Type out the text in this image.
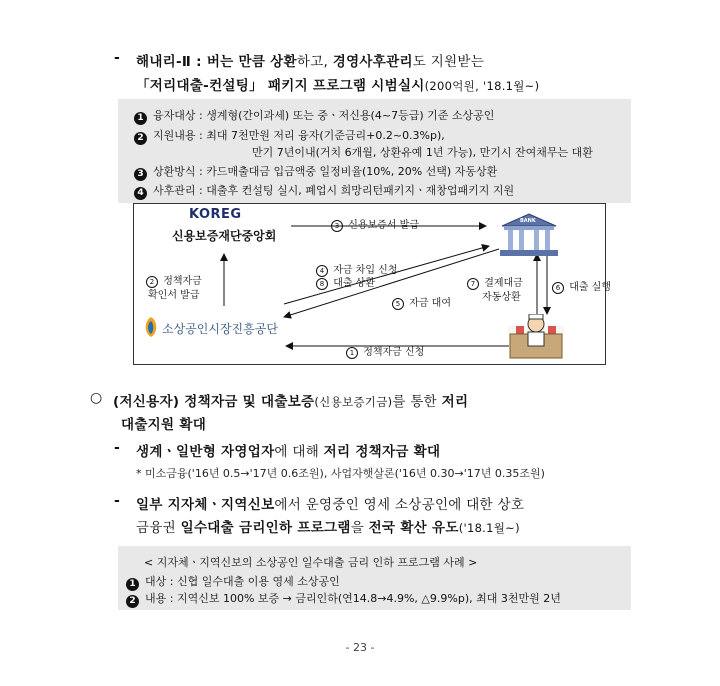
- 해내리-Ⅱ : 버는 만큼 상환하고, 경영사후관리도 지원받는
「저리대출-컨설팅」 패키지 프로그램 시범실시(200억원, '18.1월~)
1 융자대상 : 생계형(간이과세) 또는 중ㆍ저신용(4~7등급) 기준 소상공인
2 지원내용 : 최대 7천만원 저리 융자(기준금리+0.2~0.3%p),
만기 7년이내(거치 6개월, 상환유예 1년 가능), 만기시 잔여채무는 대환
3 상환방식 : 카드매출대금 입금액중 일정비율(10%, 20% 선택) 자동상환
4 사후관리 : 대출후 컨설팅 실시, 폐업시 희망리턴패키지ㆍ재창업패키지 지원
KOREG
신용보증재단중앙회
소상공인시장진흥공단
BANK
3 신용보증서 발급
2 정책자금
확인서 발급
4 자금 차입 신청
8 대출 상환
5 자금 대여
7 결제대금
자동상환
6 대출 실행
1 정책자금 신청
○ (저신용자) 정책자금 및 대출보증(신용보증기금)를 통한 저리
대출지원 확대
- 생계ㆍ일반형 자영업자에 대해 저리 정책자금 확대
* 미소금융('16년 0.5→'17년 0.6조원), 사업자햇살론('16년 0.30→'17년 0.35조원)
- 일부 지자체ㆍ지역신보에서 운영중인 영세 소상공인에 대한 상호
금융권 일수대출 금리인하 프로그램을 전국 확산 유도('18.1월~)
< 지자체ㆍ지역신보의 소상공인 일수대출 금리 인하 프로그램 사례 >
1 대상 : 신협 일수대출 이용 영세 소상공인
2 내용 : 지역신보 100% 보증 → 금리인하(연14.8→4.9%, △9.9%p), 최대 3천만원 2년
- 23 -
